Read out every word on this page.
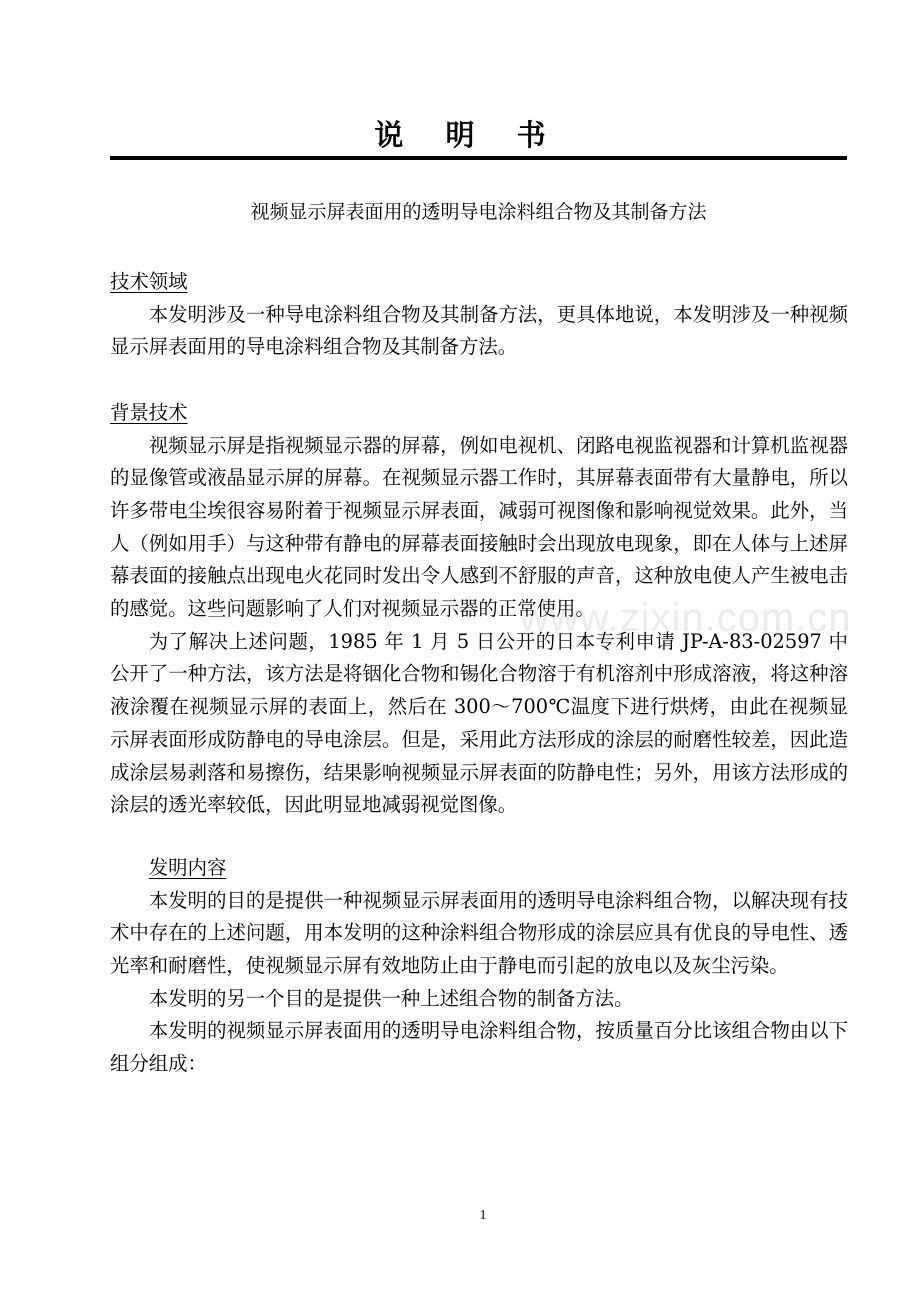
说 明 书
视频显示屏表面用的透明导电涂料组合物及其制备方法

技术领域

本发明涉及一种导电涂料组合物及其制备方法，更具体地说，本发明涉及一种视频显示屏表面用的导电涂料组合物及其制备方法。

背景技术

视频显示屏是指视频显示器的屏幕，例如电视机、闭路电视监视器和计算机监视器的显像管或液晶显示屏的屏幕。在视频显示器工作时，其屏幕表面带有大量静电，所以许多带电尘埃很容易附着于视频显示屏表面，减弱可视图像和影响视觉效果。此外，当人（例如用手）与这种带有静电的屏幕表面接触时会出现放电现象，即在人体与上述屏幕表面的接触点出现电火花同时发出令人感到不舒服的声音，这种放电使人产生被电击的感觉。这些问题影响了人们对视频显示器的正常使用。

为了解决上述问题，1985 年 1 月 5 日公开的日本专利申请 JP-A-83-02597 中公开了一种方法，该方法是将铟化合物和锡化合物溶于有机溶剂中形成溶液，将这种溶液涂覆在视频显示屏的表面上，然后在 300～700℃温度下进行烘烤，由此在视频显示屏表面形成防静电的导电涂层。但是，采用此方法形成的涂层的耐磨性较差，因此造成涂层易剥落和易擦伤，结果影响视频显示屏表面的防静电性；另外，用该方法形成的涂层的透光率较低，因此明显地减弱视觉图像。

发明内容

本发明的目的是提供一种视频显示屏表面用的透明导电涂料组合物，以解决现有技术中存在的上述问题，用本发明的这种涂料组合物形成的涂层应具有优良的导电性、透光率和耐磨性，使视频显示屏有效地防止由于静电而引起的放电以及灰尘污染。

本发明的另一个目的是提供一种上述组合物的制备方法。

本发明的视频显示屏表面用的透明导电涂料组合物，按质量百分比该组合物由以下组分组成：

www.zixin.com.cn
1
